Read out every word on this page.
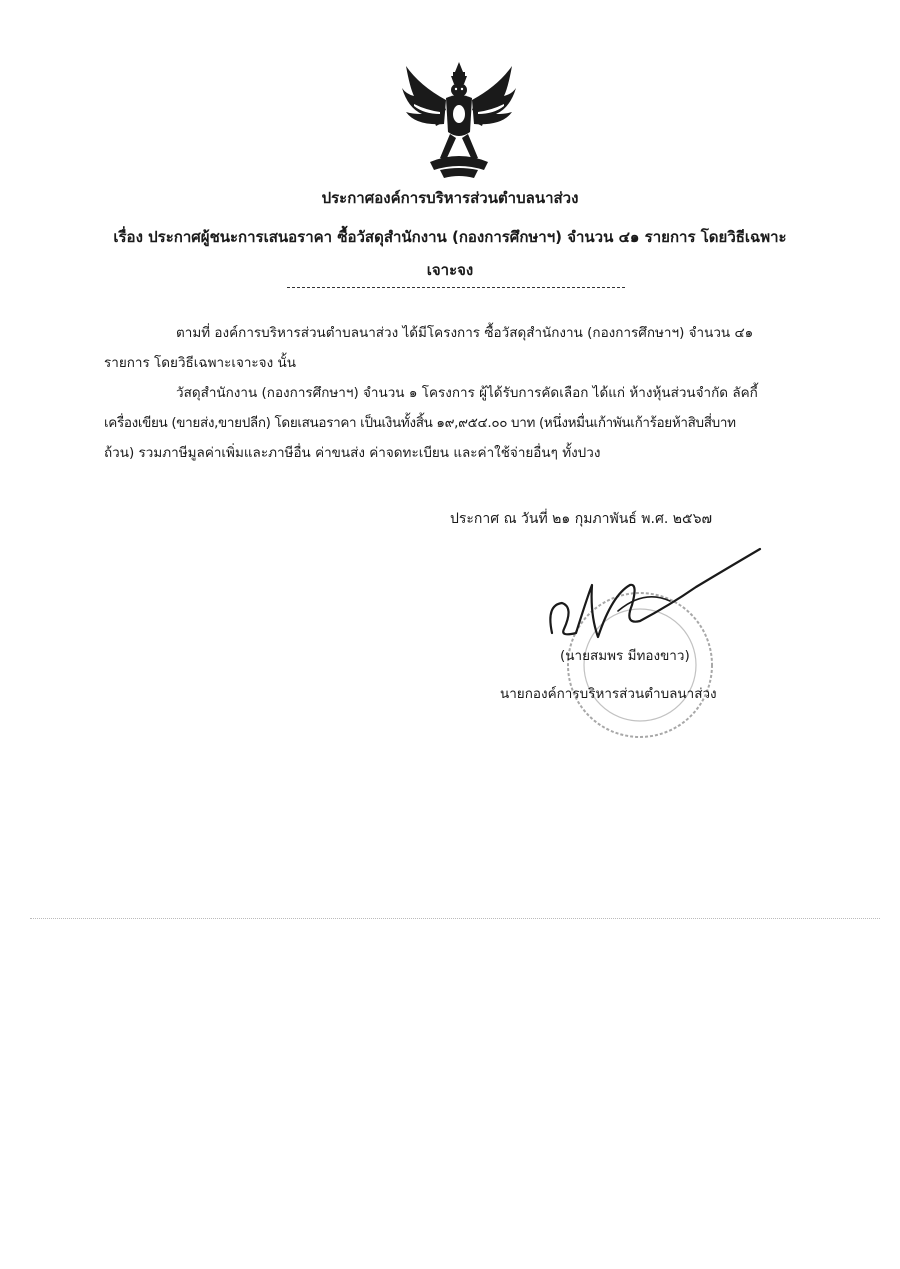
ประกาศองค์การบริหารส่วนตำบลนาส่วง
เรื่อง ประกาศผู้ชนะการเสนอราคา ซื้อวัสดุสำนักงาน (กองการศึกษาฯ) จำนวน ๔๑ รายการ โดยวิธีเฉพาะ
เจาะจง
ตามที่ องค์การบริหารส่วนตำบลนาส่วง ได้มีโครงการ ซื้อวัสดุสำนักงาน (กองการศึกษาฯ) จำนวน ๔๑
รายการ โดยวิธีเฉพาะเจาะจง นั้น
วัสดุสำนักงาน (กองการศึกษาฯ) จำนวน ๑ โครงการ ผู้ได้รับการคัดเลือก ได้แก่ ห้างหุ้นส่วนจำกัด ลัคกี้
เครื่องเขียน (ขายส่ง,ขายปลีก) โดยเสนอราคา เป็นเงินทั้งสิ้น ๑๙,๙๕๔.๐๐ บาท (หนึ่งหมื่นเก้าพันเก้าร้อยห้าสิบสี่บาท
ถ้วน) รวมภาษีมูลค่าเพิ่มและภาษีอื่น ค่าขนส่ง ค่าจดทะเบียน และค่าใช้จ่ายอื่นๆ ทั้งปวง
ประกาศ ณ วันที่ ๒๑ กุมภาพันธ์ พ.ศ. ๒๕๖๗
(นายสมพร มีทองขาว)
นายกองค์การบริหารส่วนตำบลนาส่วง
